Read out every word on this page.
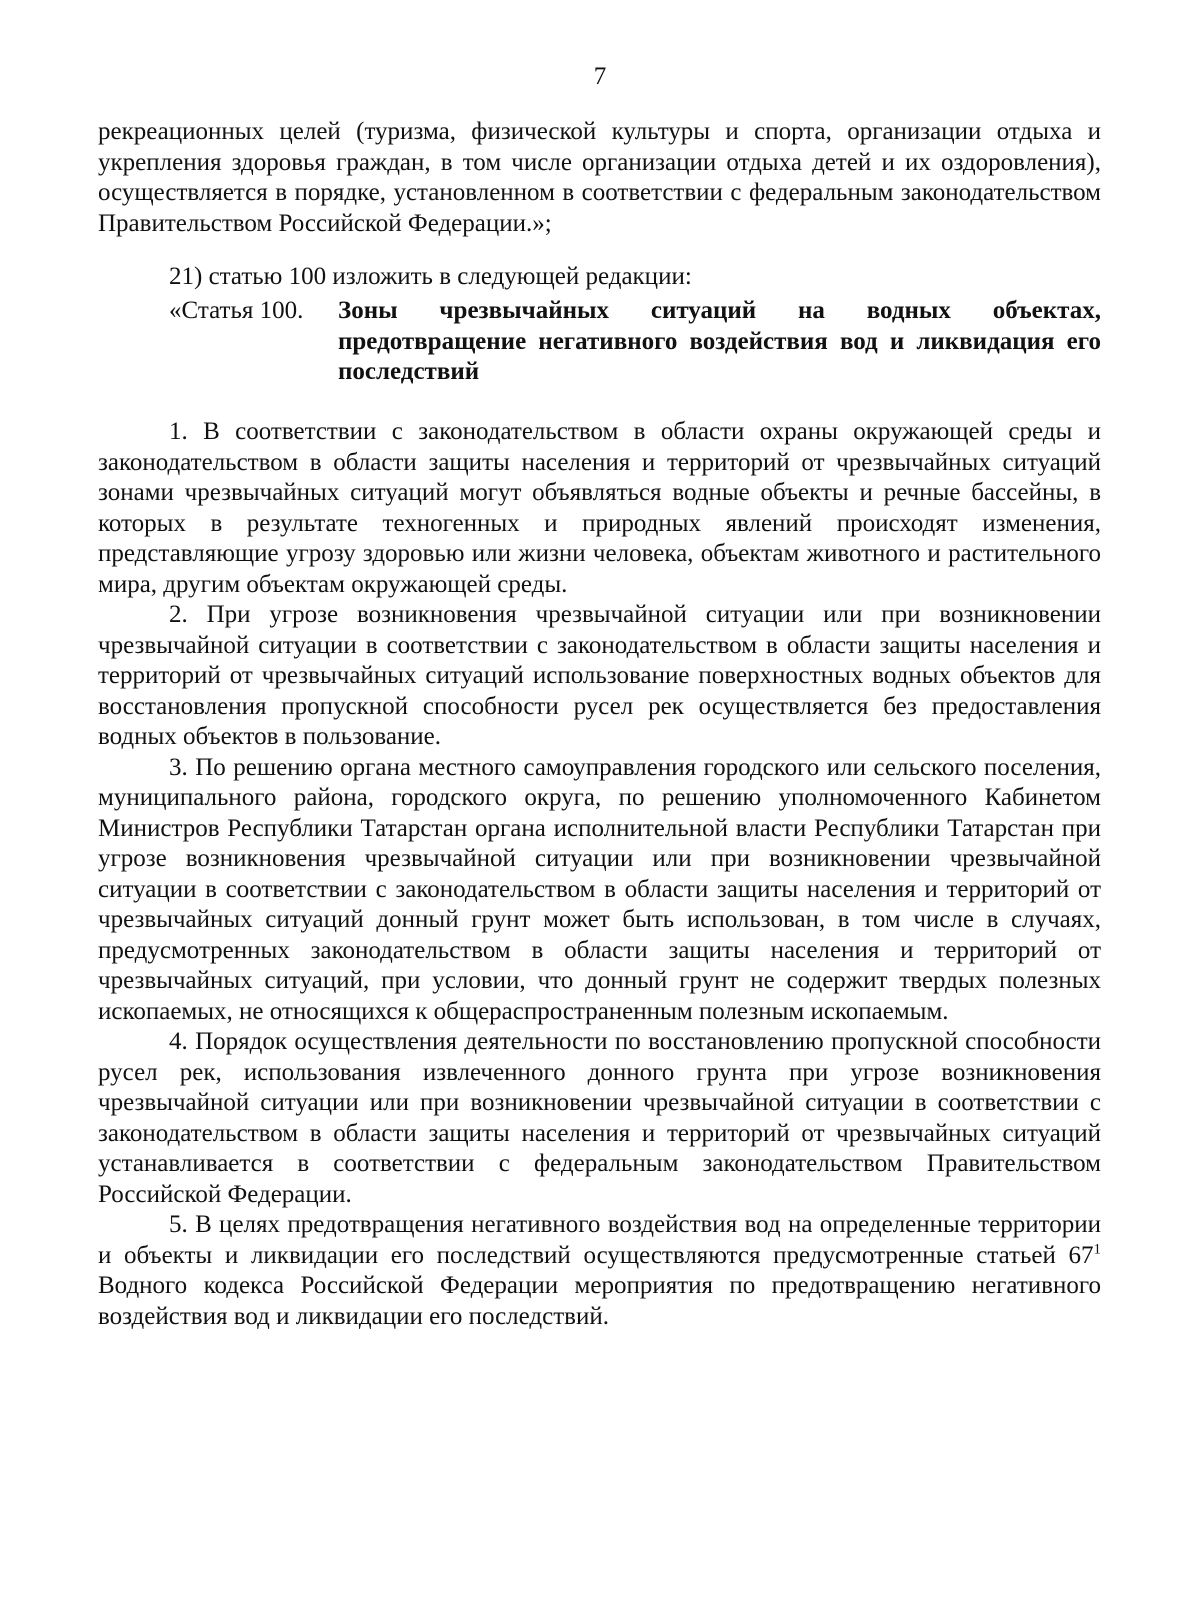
7

рекреационных целей (туризма, физической культуры и спорта, организации отдыха и укрепления здоровья граждан, в том числе организации отдыха детей и их оздоровления), осуществляется в порядке, установленном в соответствии с федеральным законодательством Правительством Российской Федерации.»;

21) статью 100 изложить в следующей редакции:

«Статья 100.	Зоны чрезвычайных ситуаций на водных объектах, предотвращение негативного воздействия вод и ликвидация его последствий

1. В соответствии с законодательством в области охраны окружающей среды и законодательством в области защиты населения и территорий от чрезвычайных ситуаций зонами чрезвычайных ситуаций могут объявляться водные объекты и речные бассейны, в которых в результате техногенных и природных явлений происходят изменения, представляющие угрозу здоровью или жизни человека, объектам животного и растительного мира, другим объектам окружающей среды.

2. При угрозе возникновения чрезвычайной ситуации или при возникновении чрезвычайной ситуации в соответствии с законодательством в области защиты населения и территорий от чрезвычайных ситуаций использование поверхностных водных объектов для восстановления пропускной способности русел рек осуществляется без предоставления водных объектов в пользование.

3. По решению органа местного самоуправления городского или сельского поселения, муниципального района, городского округа, по решению уполномоченного Кабинетом Министров Республики Татарстан органа исполнительной власти Республики Татарстан при угрозе возникновения чрезвычайной ситуации или при возникновении чрезвычайной ситуации в соответствии с законодательством в области защиты населения и территорий от чрезвычайных ситуаций донный грунт может быть использован, в том числе в случаях, предусмотренных законодательством в области защиты населения и территорий от чрезвычайных ситуаций, при условии, что донный грунт не содержит твердых полезных ископаемых, не относящихся к общераспространенным полезным ископаемым.

4. Порядок осуществления деятельности по восстановлению пропускной способности русел рек, использования извлеченного донного грунта при угрозе возникновения чрезвычайной ситуации или при возникновении чрезвычайной ситуации в соответствии с законодательством в области защиты населения и территорий от чрезвычайных ситуаций устанавливается в соответствии с федеральным законодательством Правительством Российской Федерации.

5. В целях предотвращения негативного воздействия вод на определенные территории и объекты и ликвидации его последствий осуществляются предусмотренные статьей $67^1$ Водного кодекса Российской Федерации мероприятия по предотвращению негативного воздействия вод и ликвидации его последствий.
